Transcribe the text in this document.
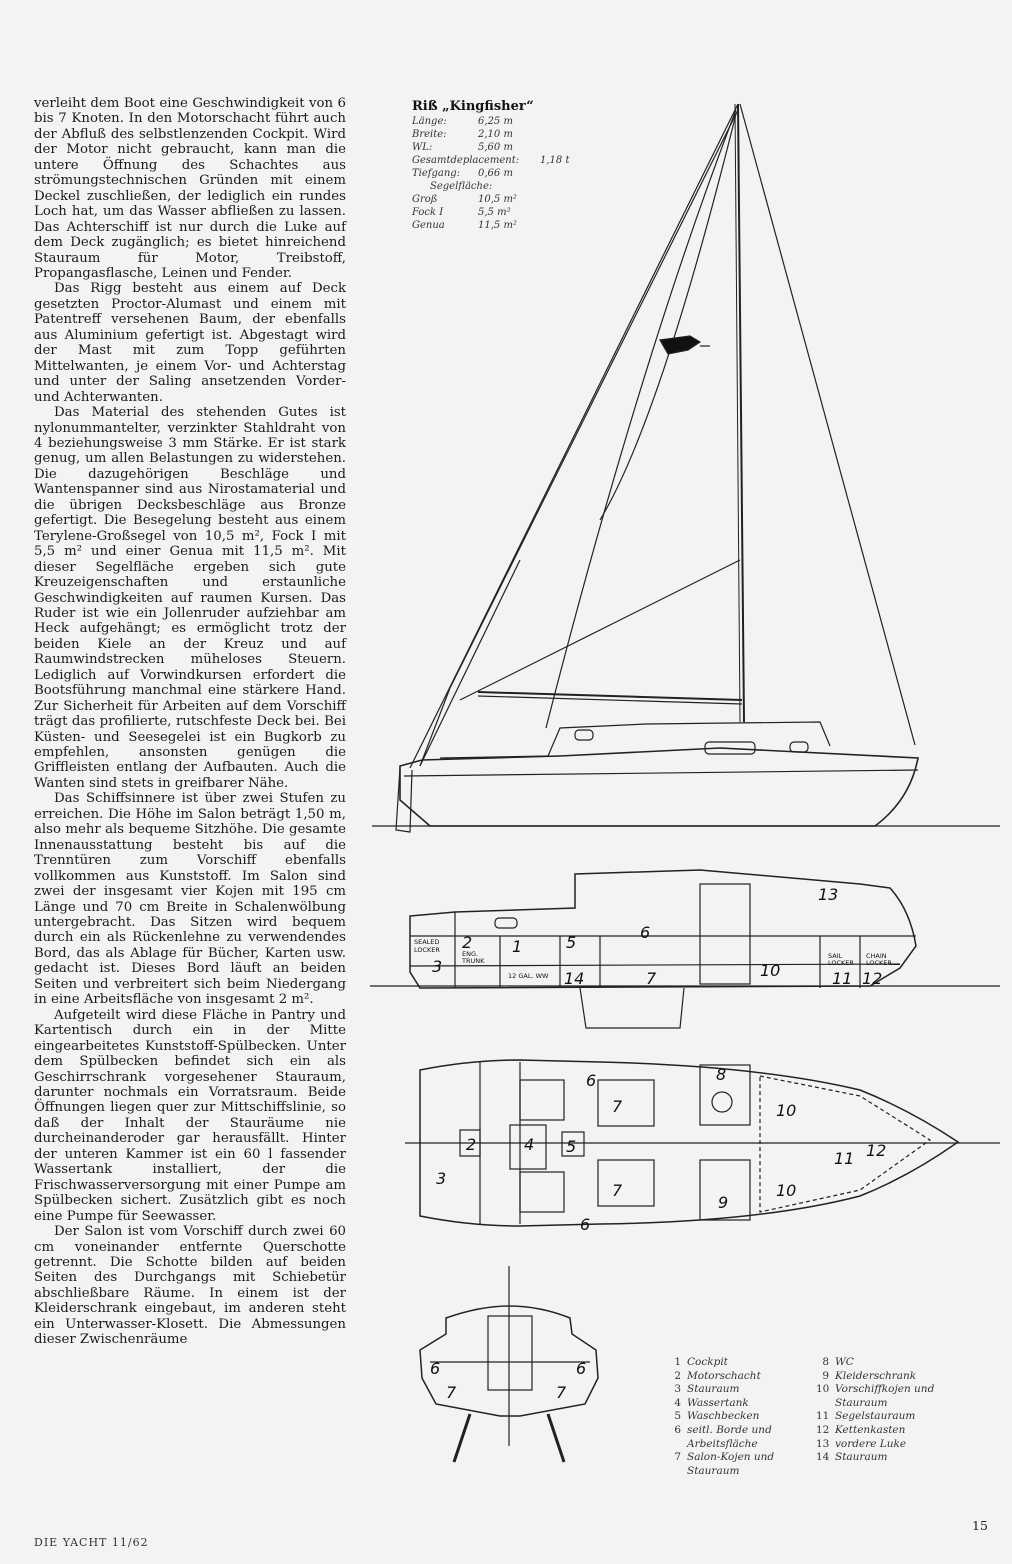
verleiht dem Boot eine Geschwindigkeit von 6 bis 7 Knoten. In den Motorschacht führt auch der Abfluß des selbstlenzenden Cockpit. Wird der Motor nicht gebraucht, kann man die untere Öffnung des Schachtes aus strömungstechnischen Gründen mit einem Deckel zuschließen, der lediglich ein rundes Loch hat, um das Wasser abfließen zu lassen. Das Achterschiff ist nur durch die Luke auf dem Deck zugänglich; es bietet hinreichend Stauraum für Motor, Treibstoff, Propangasflasche, Leinen und Fender.

Das Rigg besteht aus einem auf Deck gesetzten Proctor-Alumast und einem mit Patentreff versehenen Baum, der ebenfalls aus Aluminium gefertigt ist. Abgestagt wird der Mast mit zum Topp geführten Mittelwanten, je einem Vor- und Achterstag und unter der Saling ansetzenden Vorder- und Achterwanten.

Das Material des stehenden Gutes ist nylonummantelter, verzinkter Stahldraht von 4 beziehungsweise 3 mm Stärke. Er ist stark genug, um allen Belastungen zu widerstehen. Die dazugehörigen Beschläge und Wantenspanner sind aus Nirostamaterial und die übrigen Decksbeschläge aus Bronze gefertigt. Die Besegelung besteht aus einem Terylene-Großsegel von 10,5 m², Fock I mit 5,5 m² und einer Genua mit 11,5 m². Mit dieser Segelfläche ergeben sich gute Kreuzeigenschaften und erstaunliche Geschwindigkeiten auf raumen Kursen. Das Ruder ist wie ein Jollenruder aufziehbar am Heck aufgehängt; es ermöglicht trotz der beiden Kiele an der Kreuz und auf Raumwindstrecken müheloses Steuern. Lediglich auf Vorwindkursen erfordert die Bootsführung manchmal eine stärkere Hand. Zur Sicherheit für Arbeiten auf dem Vorschiff trägt das profilierte, rutschfeste Deck bei. Bei Küsten- und Seesegelei ist ein Bugkorb zu empfehlen, ansonsten genügen die Griffleisten entlang der Aufbauten. Auch die Wanten sind stets in greifbarer Nähe.

Das Schiffsinnere ist über zwei Stufen zu erreichen. Die Höhe im Salon beträgt 1,50 m, also mehr als bequeme Sitzhöhe. Die gesamte Innenausstattung besteht bis auf die Trenntüren zum Vorschiff ebenfalls vollkommen aus Kunststoff. Im Salon sind zwei der insgesamt vier Kojen mit 195 cm Länge und 70 cm Breite in Schalenwölbung untergebracht. Das Sitzen wird bequem durch ein als Rückenlehne zu verwendendes Bord, das als Ablage für Bücher, Karten usw. gedacht ist. Dieses Bord läuft an beiden Seiten und verbreitert sich beim Niedergang in eine Arbeitsfläche von insgesamt 2 m².

Aufgeteilt wird diese Fläche in Pantry und Kartentisch durch ein in der Mitte eingearbeitetes Kunststoff-Spülbecken. Unter dem Spülbecken befindet sich ein als Geschirrschrank vorgesehener Stauraum, darunter nochmals ein Vorratsraum. Beide Öffnungen liegen quer zur Mittschiffslinie, so daß der Inhalt der Stauräume nie durcheinanderoder gar herausfällt. Hinter der unteren Kammer ist ein 60 l fassender Wassertank installiert, der die Frischwasserversorgung mit einer Pumpe am Spülbecken sichert. Zusätzlich gibt es noch eine Pumpe für Seewasser.

Der Salon ist vom Vorschiff durch zwei 60 cm voneinander entfernte Querschotte getrennt. Die Schotte bilden auf beiden Seiten des Durchgangs mit Schiebetür abschließbare Räume. In einem ist der Kleiderschrank eingebaut, im anderen steht ein Unterwasser-Klosett. Die Abmessungen dieser Zwischenräume

Riß „Kingfisher“
Länge:	6,25 m
Breite:	2,10 m
WL:	5,60 m
Gesamtdeplacement:	1,18 t
Tiefgang:	0,66 m
Segelfläche:
Groß	10,5 m²
Fock I	5,5 m²
Genua	11,5 m²
SEALED
LOCKER	ENG.
TRUNK
12 GAL. WW
SAIL
LOCKER
CHAIN
LOCKER
3
2 1	5
6
14	7	10	11 12
13
3
2	4 5
6
7
7
6
8
9
10
10
11 12
6	6
7	7
1 Cockpit
2 Motorschacht
3 Stauraum
4 Wassertank
5 Waschbecken
6 seitl. Borde und Arbeitsfläche
7 Salon-Kojen und Stauraum
8 WC
9 Kleiderschrank
10 Vorschiffkojen und Stauraum
11 Segelstauraum
12 Kettenkasten
13 vordere Luke
14 Stauraum
DIE YACHT 11/62
15
